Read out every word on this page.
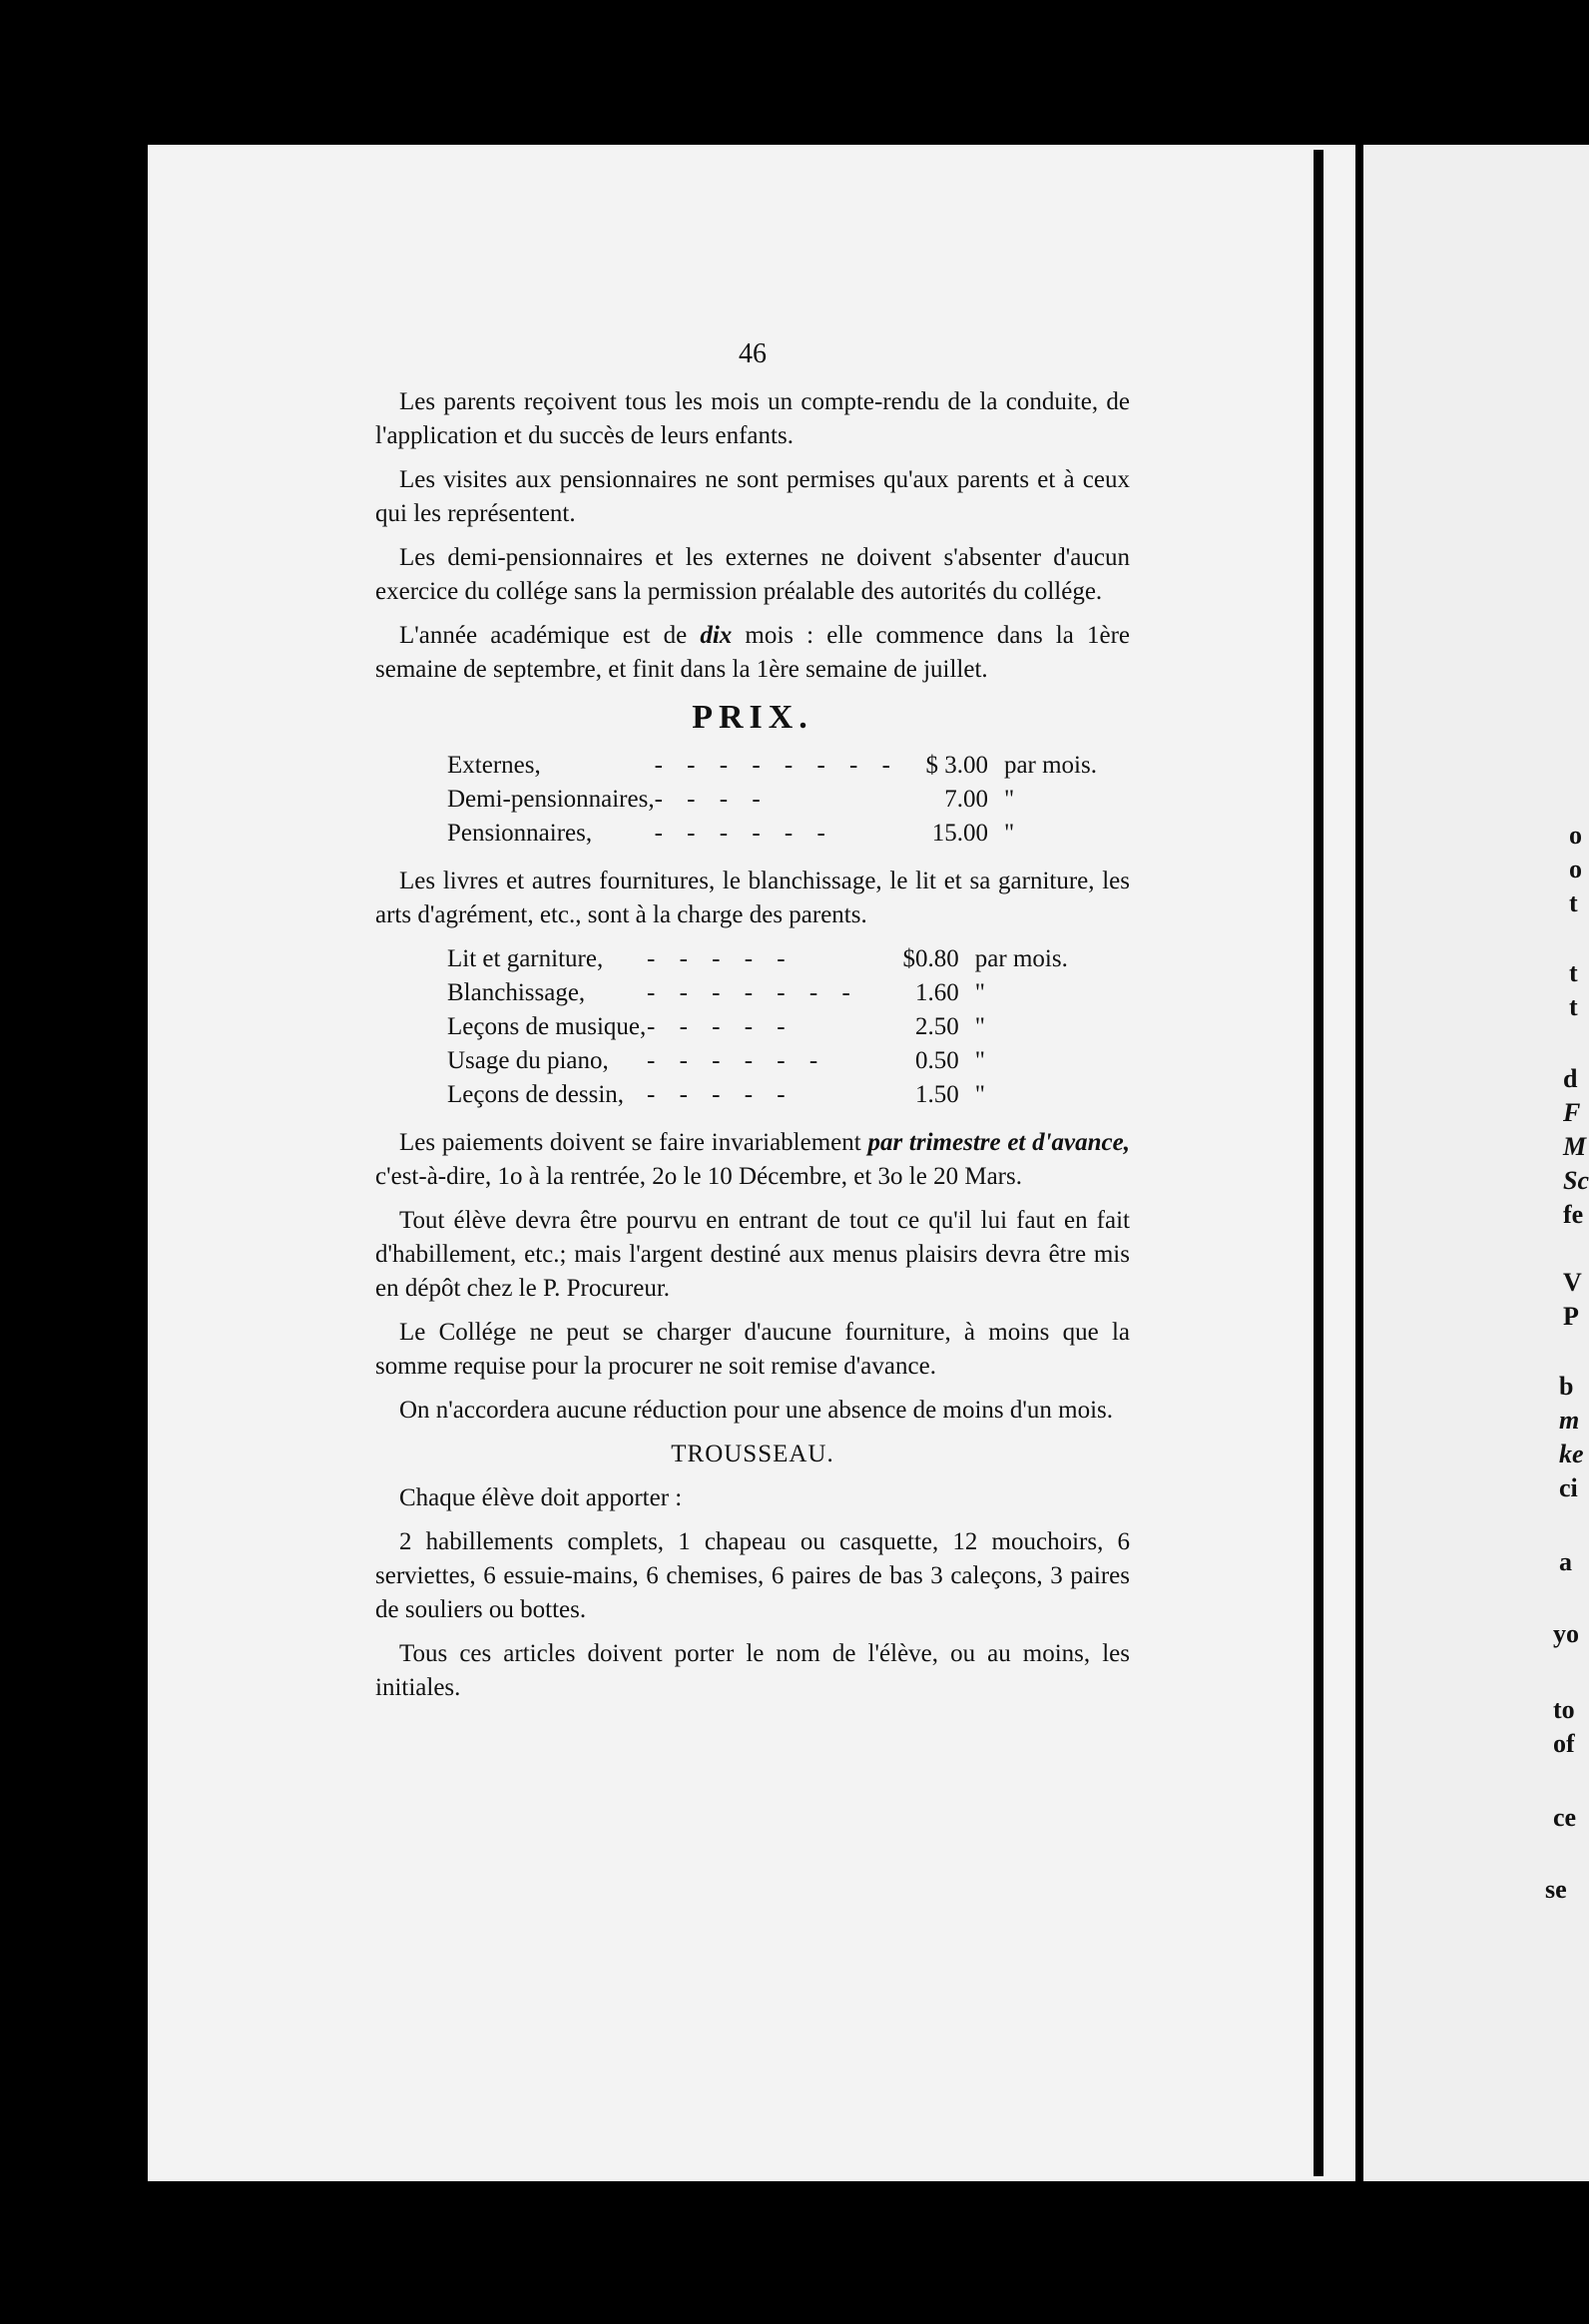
46

Les parents reçoivent tous les mois un compte-rendu de la conduite, de l'application et du succès de leurs enfants.

Les visites aux pensionnaires ne sont permises qu'aux parents et à ceux qui les représentent.

Les demi-pensionnaires et les externes ne doivent s'absenter d'aucun exercice du collége sans la permission préalable des autorités du collége.

L'année académique est de dix mois : elle commence dans la 1ère semaine de septembre, et finit dans la 1ère semaine de juillet.

PRIX.
Externes,	- - - - - - - -	$ 3.00	par mois.
Demi-pensionnaires,	- - - -	7.00	"
Pensionnaires,	- - - - - -	15.00	"

Les livres et autres fournitures, le blanchissage, le lit et sa garniture, les arts d'agrément, etc., sont à la charge des parents.

Lit et garniture,	- - - - -	$0.80	par mois.
Blanchissage,	- - - - - - -	1.60	"
Leçons de musique,	- - - - -	2.50	"
Usage du piano,	- - - - - -	0.50	"
Leçons de dessin,	- - - - -	1.50	"

Les paiements doivent se faire invariablement par trimestre et d'avance, c'est-à-dire, 1o à la rentrée, 2o le 10 Décembre, et 3o le 20 Mars.

Tout élève devra être pourvu en entrant de tout ce qu'il lui faut en fait d'habillement, etc.; mais l'argent destiné aux menus plaisirs devra être mis en dépôt chez le P. Procureur.

Le Collége ne peut se charger d'aucune fourniture, à moins que la somme requise pour la procurer ne soit remise d'avance.

On n'accordera aucune réduction pour une absence de moins d'un mois.

TROUSSEAU.

Chaque élève doit apporter :

2 habillements complets, 1 chapeau ou casquette, 12 mouchoirs, 6 serviettes, 6 essuie-mains, 6 chemises, 6 paires de bas 3 caleçons, 3 paires de souliers ou bottes.

Tous ces articles doivent porter le nom de l'élève, ou au moins, les initiales.

o
o
t
t
t
d
F
M
Sc
fe
V
P
b
m
ke
ci
a
yo
to
of
ce
se
